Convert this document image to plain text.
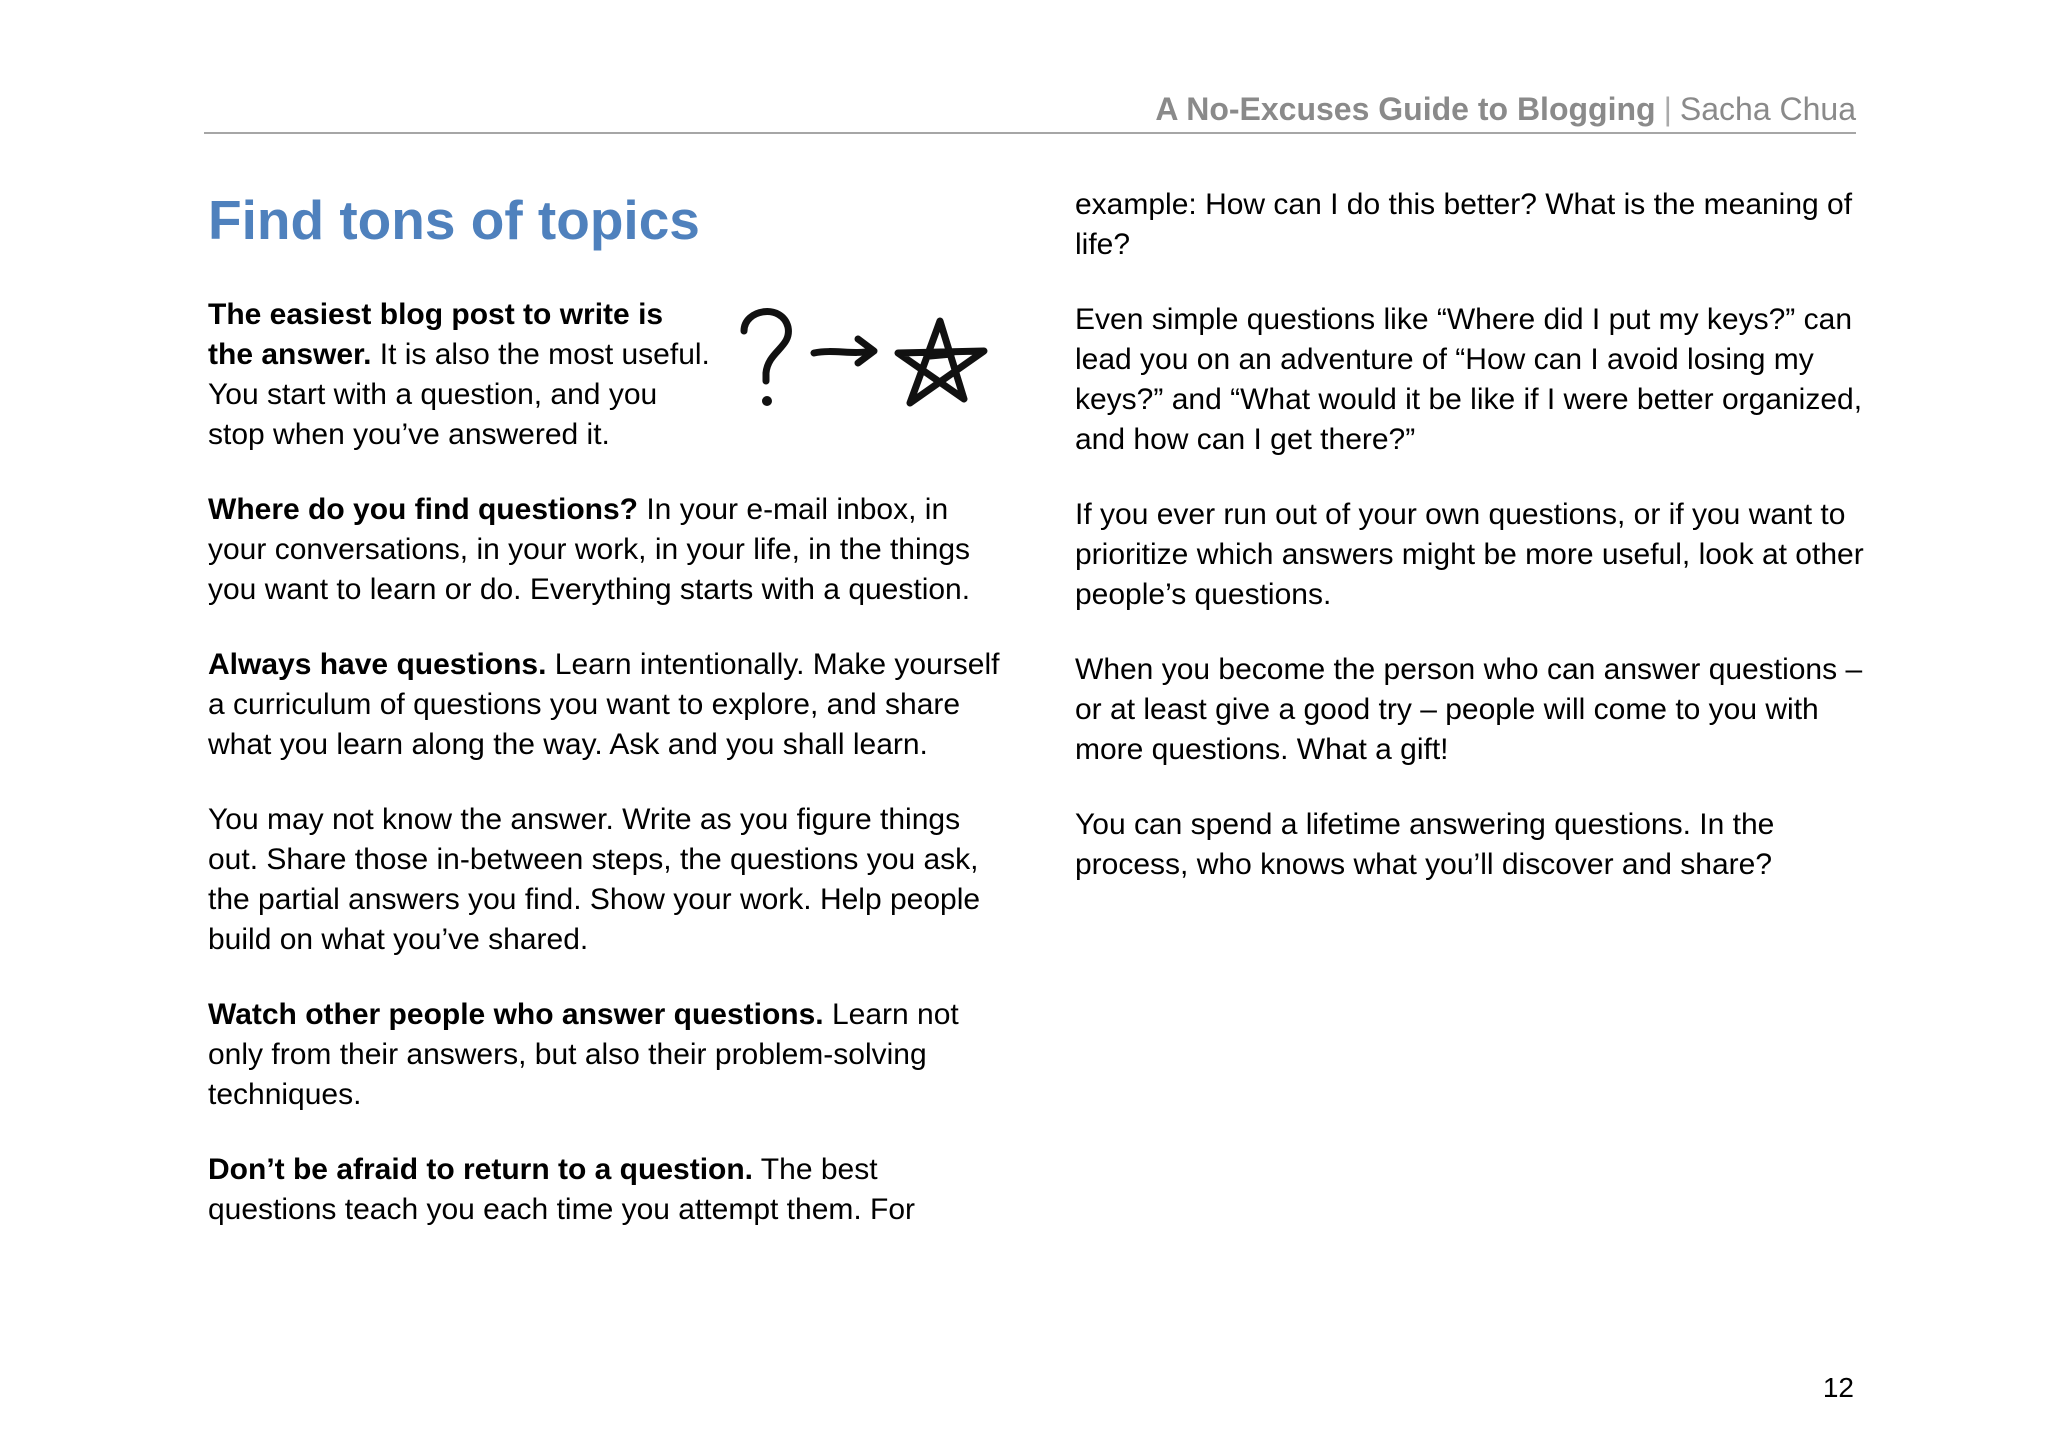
A No-Excuses Guide to Blogging | Sacha Chua
Find tons of topics

The easiest blog post to write is the answer. It is also the most useful. You start with a question, and you stop when you’ve answered it.

Where do you find questions? In your e-mail inbox, in your conversations, in your work, in your life, in the things you want to learn or do. Everything starts with a question.

Always have questions. Learn intentionally. Make yourself a curriculum of questions you want to explore, and share what you learn along the way. Ask and you shall learn.

You may not know the answer. Write as you figure things out. Share those in-between steps, the questions you ask, the partial answers you find. Show your work. Help people build on what you’ve shared.

Watch other people who answer questions. Learn not only from their answers, but also their problem-solving techniques.

Don’t be afraid to return to a question. The best questions teach you each time you attempt them. For

example: How can I do this better? What is the meaning of life?

Even simple questions like “Where did I put my keys?” can lead you on an adventure of “How can I avoid losing my keys?” and “What would it be like if I were better organized, and how can I get there?”

If you ever run out of your own questions, or if you want to prioritize which answers might be more useful, look at other people’s questions.

When you become the person who can answer questions – or at least give a good try – people will come to you with more questions. What a gift!

You can spend a lifetime answering questions. In the process, who knows what you’ll discover and share?

12
